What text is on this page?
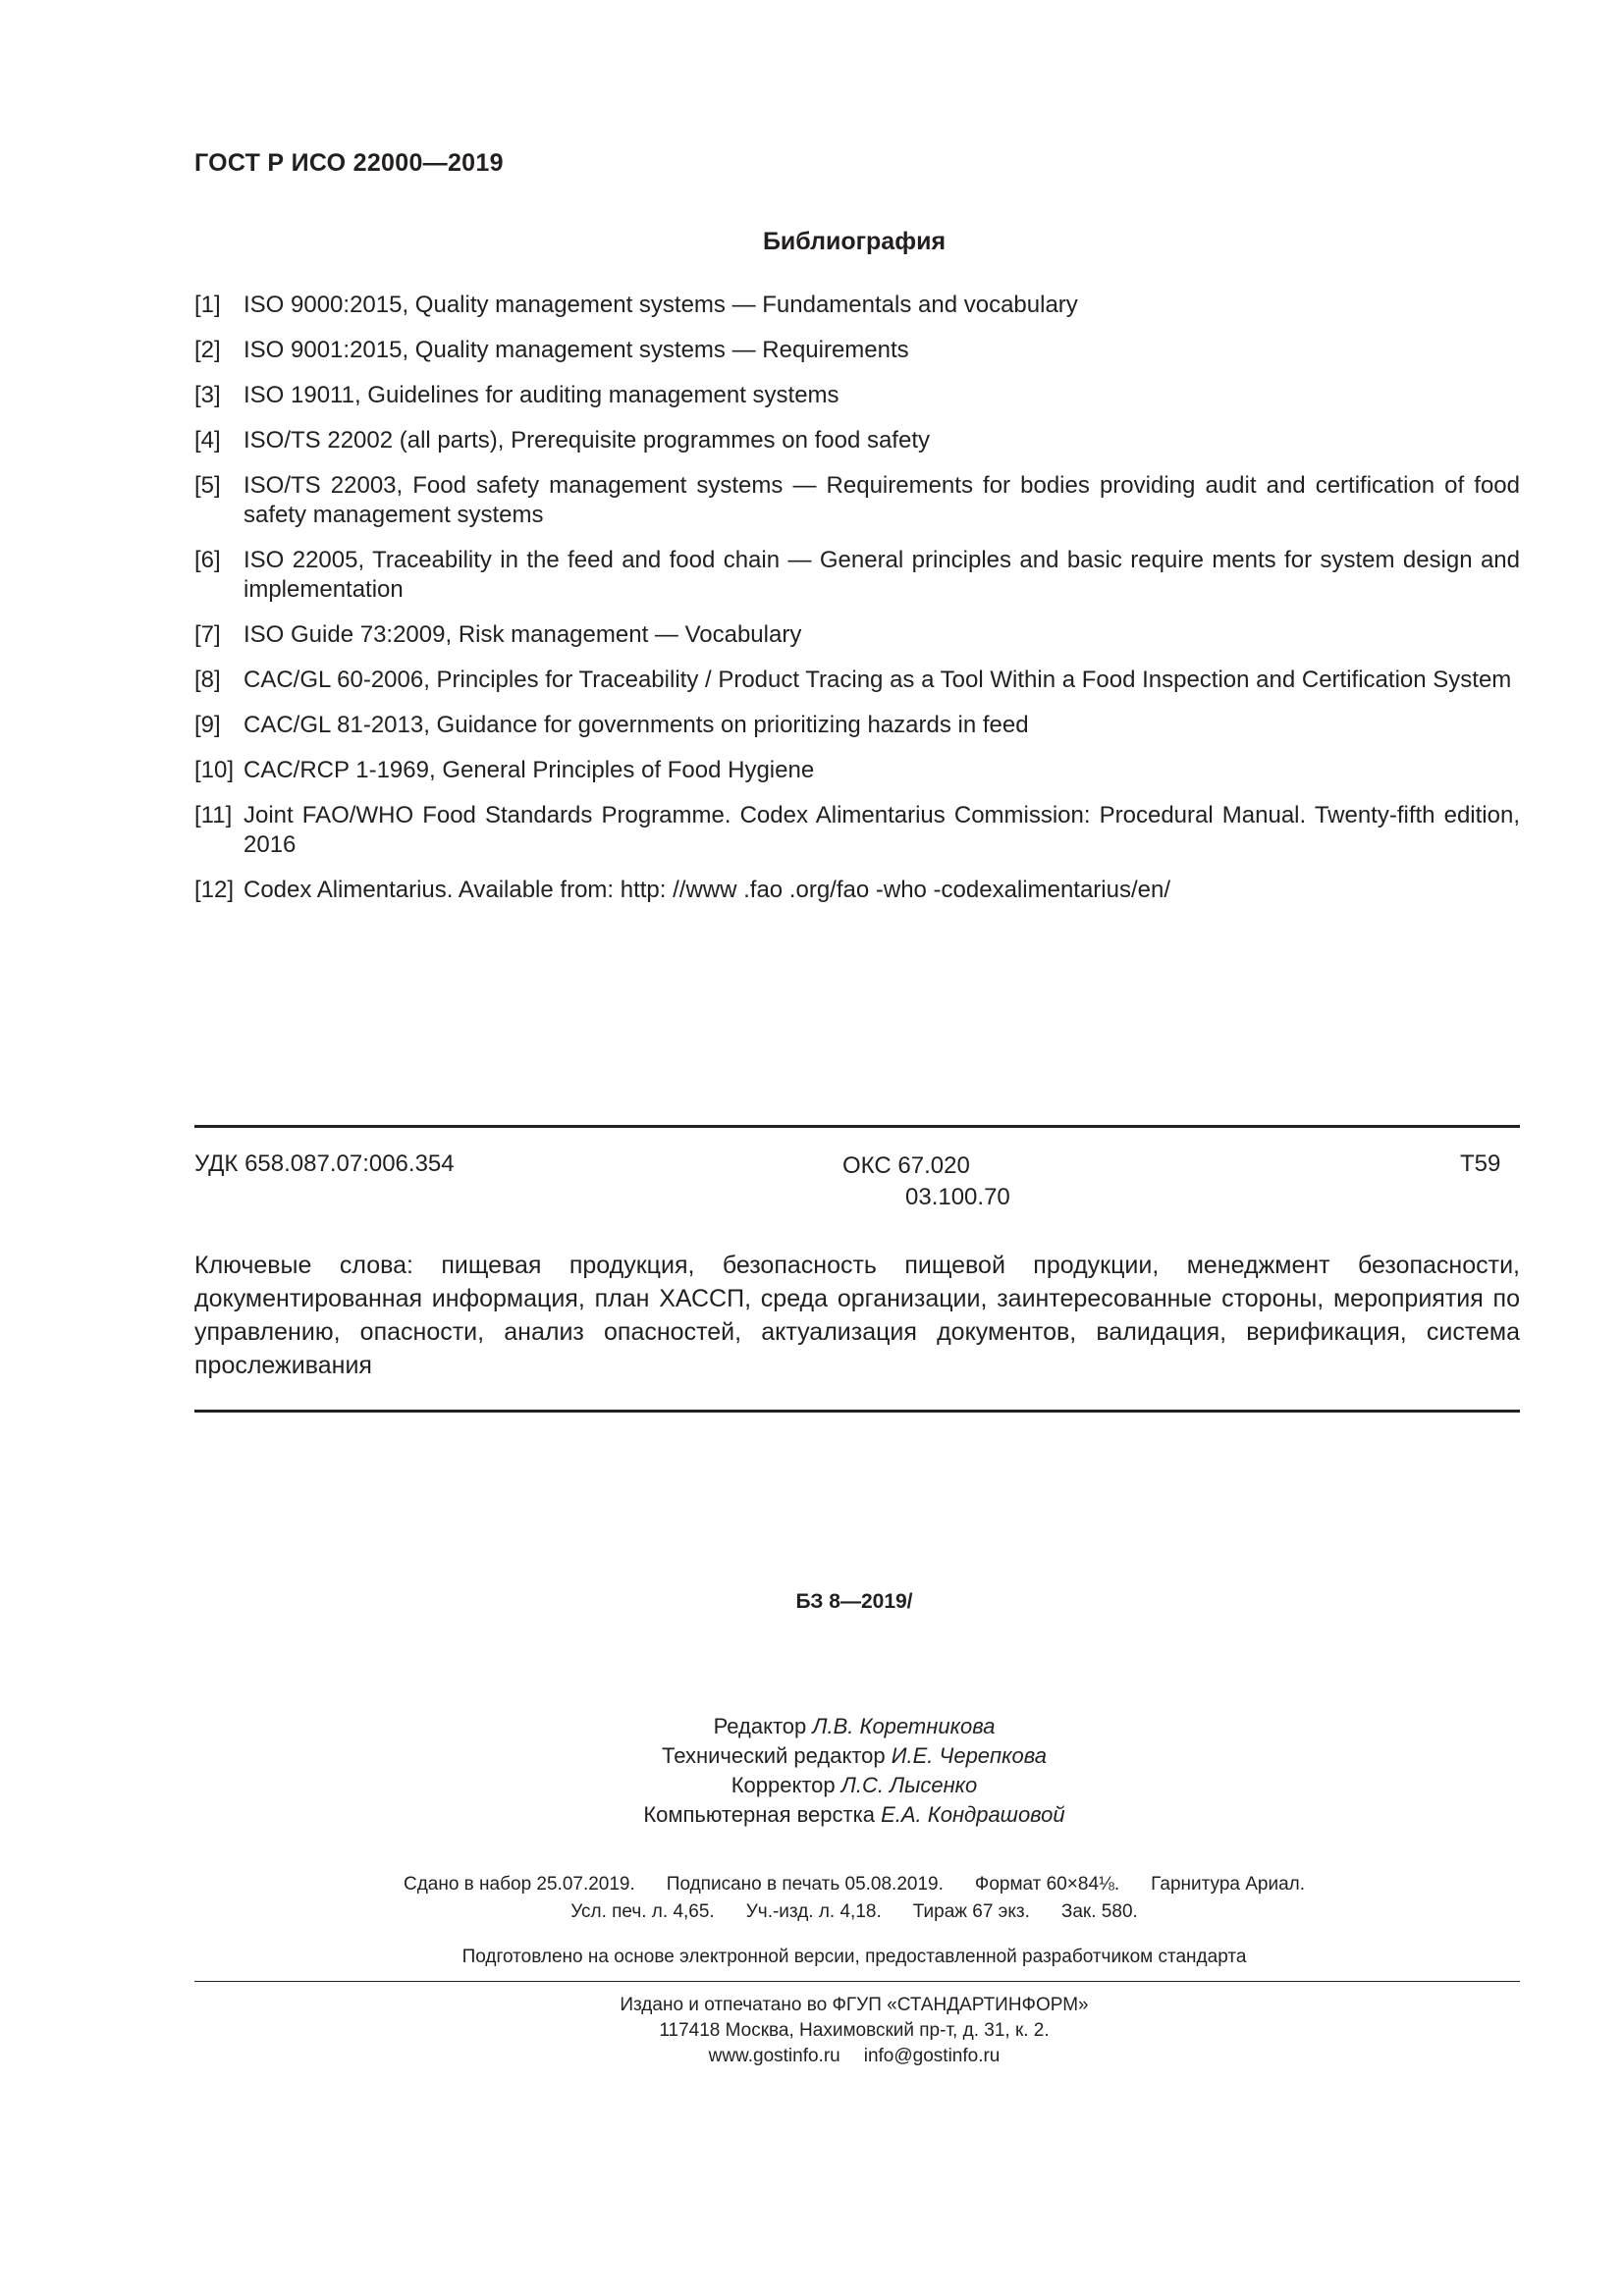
ГОСТ Р ИСО 22000—2019
Библиография
[1] ISO 9000:2015, Quality management systems — Fundamentals and vocabulary
[2] ISO 9001:2015, Quality management systems — Requirements
[3] ISO 19011, Guidelines for auditing management systems
[4] ISO/TS 22002 (all parts), Prerequisite programmes on food safety
[5] ISO/TS 22003, Food safety management systems — Requirements for bodies providing audit and certification of food safety management systems
[6] ISO 22005, Traceability in the feed and food chain — General principles and basic require ments for system design and implementation
[7] ISO Guide 73:2009, Risk management — Vocabulary
[8] CAC/GL 60-2006, Principles for Traceability / Product Tracing as a Tool Within a Food Inspection and Certification System
[9] CAC/GL 81-2013, Guidance for governments on prioritizing hazards in feed
[10] CAC/RCP 1-1969, General Principles of Food Hygiene
[11] Joint FAO/WHO Food Standards Programme. Codex Alimentarius Commission: Procedural Manual. Twenty-fifth edition, 2016
[12] Codex Alimentarius. Available from: http: //www .fao .org/fao -who -codexalimentarius/en/
УДК 658.087.07:006.354	ОКС 67.020
03.100.70
T59
Ключевые слова: пищевая продукция, безопасность пищевой продукции, менеджмент безопасности, документированная информация, план ХАССП, среда организации, заинтересованные стороны, мероприятия по управлению, опасности, анализ опасностей, актуализация документов, валидация, верификация, система прослеживания
БЗ 8—2019/
Редактор Л.В. Коретникова
Технический редактор И.Е. Черепкова
Корректор Л.С. Лысенко
Компьютерная верстка Е.А. Кондрашовой
Сдано в набор 25.07.2019. Подписано в печать 05.08.2019. Формат 60×84⅛. Гарнитура Ариал.
Усл. печ. л. 4,65. Уч.-изд. л. 4,18. Тираж 67 экз. Зак. 580.
Подготовлено на основе электронной версии, предоставленной разработчиком стандарта
Издано и отпечатано во ФГУП «СТАНДАРТИНФОРМ»
117418 Москва, Нахимовский пр-т, д. 31, к. 2.
www.gostinfo.ru info@gostinfo.ru
